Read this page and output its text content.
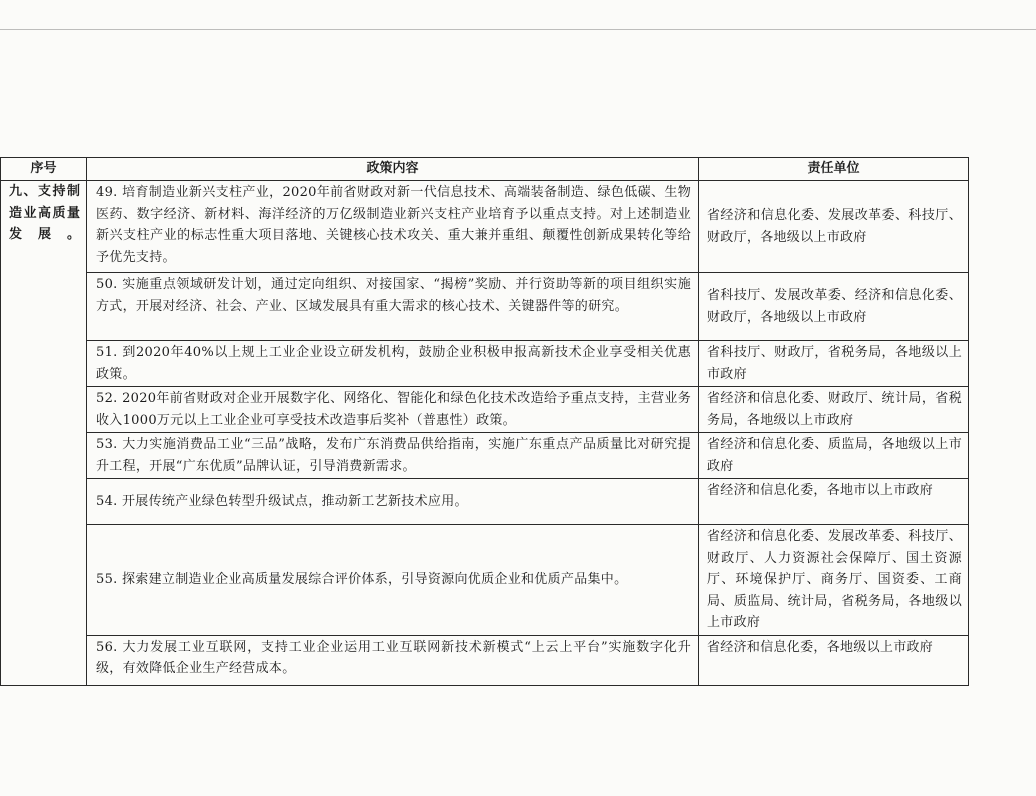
序号	政策内容	责任单位
九、支持制造业高质量发展。	49. 培育制造业新兴支柱产业，2020年前省财政对新一代信息技术、高端装备制造、绿色低碳、生物医药、数字经济、新材料、海洋经济的万亿级制造业新兴支柱产业培育予以重点支持。对上述制造业新兴支柱产业的标志性重大项目落地、关键核心技术攻关、重大兼并重组、颠覆性创新成果转化等给予优先支持。	省经济和信息化委、发展改革委、科技厅、财政厅，各地级以上市政府
	50. 实施重点领域研发计划，通过定向组织、对接国家、“揭榜”奖励、并行资助等新的项目组织实施方式，开展对经济、社会、产业、区域发展具有重大需求的核心技术、关键器件等的研究。	省科技厅、发展改革委、经济和信息化委、财政厅，各地级以上市政府
	51. 到2020年40%以上规上工业企业设立研发机构，鼓励企业积极申报高新技术企业享受相关优惠政策。	省科技厅、财政厅，省税务局，各地级以上市政府
	52. 2020年前省财政对企业开展数字化、网络化、智能化和绿色化技术改造给予重点支持，主营业务收入1000万元以上工业企业可享受技术改造事后奖补（普惠性）政策。	省经济和信息化委、财政厅、统计局，省税务局，各地级以上市政府
	53. 大力实施消费品工业“三品”战略，发布广东消费品供给指南，实施广东重点产品质量比对研究提升工程，开展“广东优质”品牌认证，引导消费新需求。	省经济和信息化委、质监局，各地级以上市政府
	54. 开展传统产业绿色转型升级试点，推动新工艺新技术应用。	省经济和信息化委，各地市以上市政府
	55. 探索建立制造业企业高质量发展综合评价体系，引导资源向优质企业和优质产品集中。	省经济和信息化委、发展改革委、科技厅、财政厅、人力资源社会保障厅、国土资源厅、环境保护厅、商务厅、国资委、工商局、质监局、统计局，省税务局，各地级以上市政府
	56. 大力发展工业互联网，支持工业企业运用工业互联网新技术新模式“上云上平台”实施数字化升级，有效降低企业生产经营成本。	省经济和信息化委，各地级以上市政府
